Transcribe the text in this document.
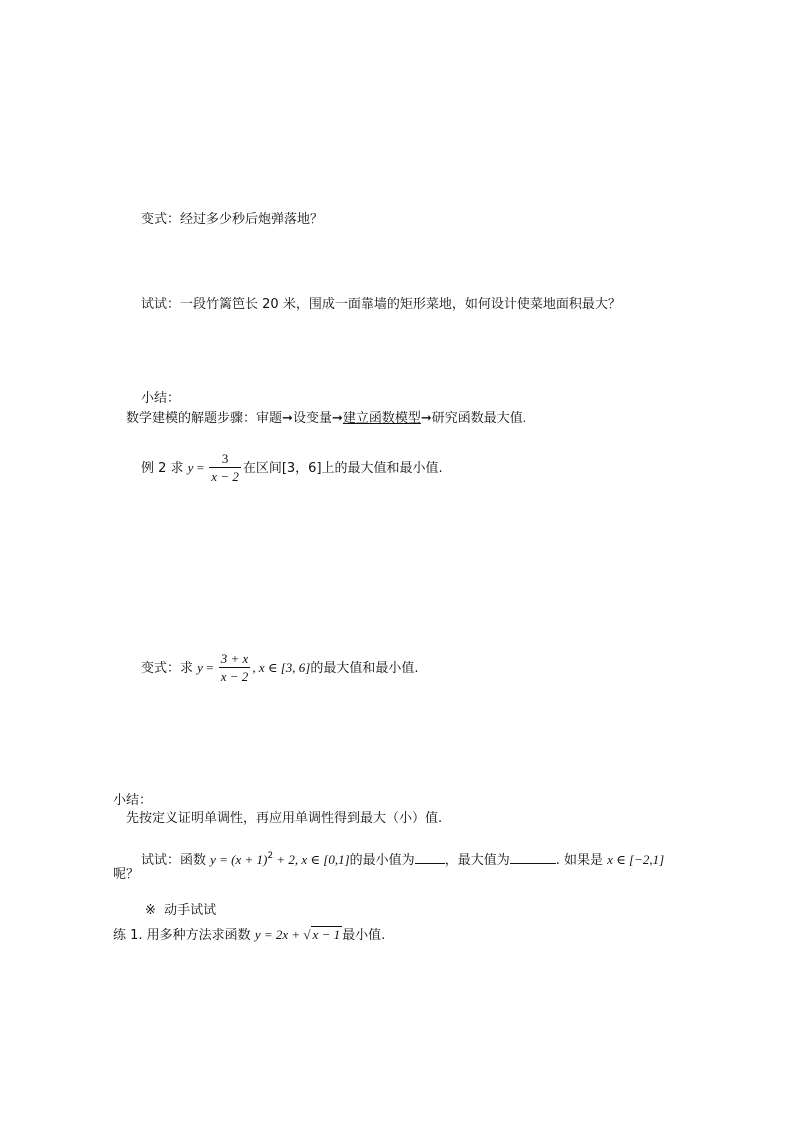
变式：经过多少秒后炮弹落地？
试试：一段竹篱笆长 20 米，围成一面靠墙的矩形菜地，如何设计使菜地面积最大？
小结：
数学建模的解题步骤：审题➞设变量➞建立函数模型➞研究函数最大值.
例 2 求 $y = \frac{3}{x - 2}$ 在区间[3，6]上的最大值和最小值.
变式：求 $y = \frac{3 + x}{x - 2}$ , x ∈ [3, 6]的最大值和最小值.
小结：
先按定义证明单调性，再应用单调性得到最大（小）值.
试试：函数 $y = (x + 1)^2 + 2$, x ∈ [0,1]的最小值为 ，最大值为	. 如果是 x ∈ [−2,1]
呢？
※ 动手试试
练 1. 用多种方法求函数 y = 2x + √ x − 1 最小值.
